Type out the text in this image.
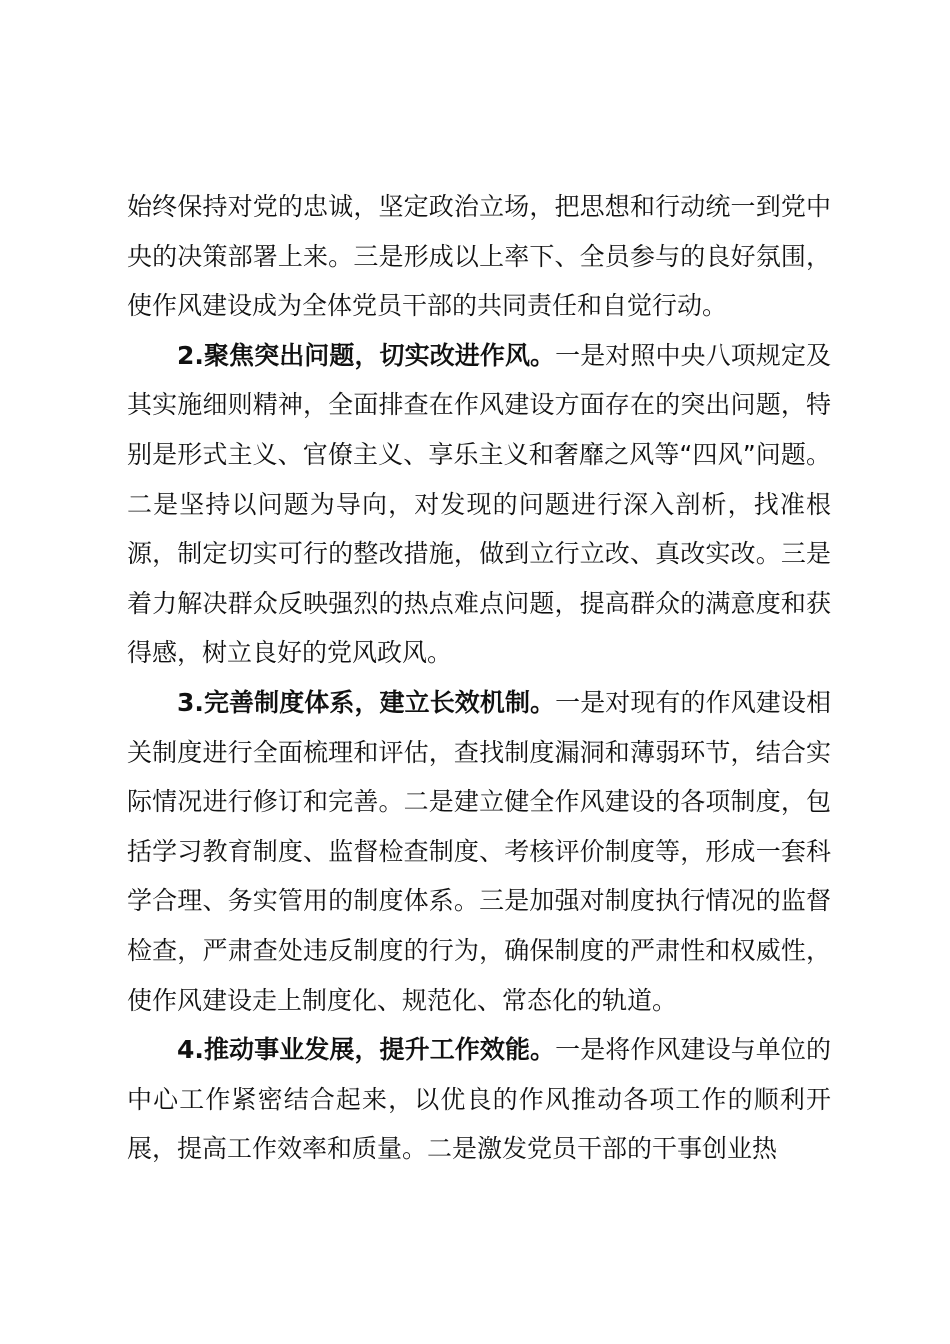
始终保持对党的忠诚，坚定政治立场，把思想和行动统一到党中央的决策部署上来。三是形成以上率下、全员参与的良好氛围，使作风建设成为全体党员干部的共同责任和自觉行动。

2.聚焦突出问题，切实改进作风。一是对照中央八项规定及其实施细则精神，全面排查在作风建设方面存在的突出问题，特别是形式主义、官僚主义、享乐主义和奢靡之风等“四风”问题。二是坚持以问题为导向，对发现的问题进行深入剖析，找准根源，制定切实可行的整改措施，做到立行立改、真改实改。三是着力解决群众反映强烈的热点难点问题，提高群众的满意度和获得感，树立良好的党风政风。

3.完善制度体系，建立长效机制。一是对现有的作风建设相关制度进行全面梳理和评估，查找制度漏洞和薄弱环节，结合实际情况进行修订和完善。二是建立健全作风建设的各项制度，包括学习教育制度、监督检查制度、考核评价制度等，形成一套科学合理、务实管用的制度体系。三是加强对制度执行情况的监督检查，严肃查处违反制度的行为，确保制度的严肃性和权威性，使作风建设走上制度化、规范化、常态化的轨道。

4.推动事业发展，提升工作效能。一是将作风建设与单位的中心工作紧密结合起来，以优良的作风推动各项工作的顺利开展，提高工作效率和质量。二是激发党员干部的干事创业热
